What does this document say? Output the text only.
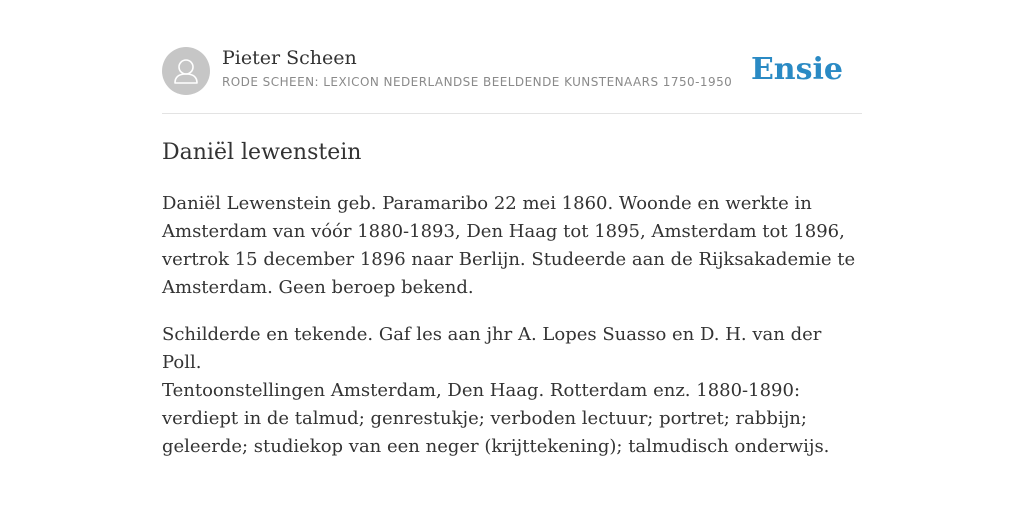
Pieter Scheen
RODE SCHEEN: LEXICON NEDERLANDSE BEELDENDE KUNSTENAARS 1750-1950 Ensie
Daniël lewenstein

Daniël Lewenstein geb. Paramaribo 22 mei 1860. Woonde en werkte in Amsterdam van vóór 1880-1893, Den Haag tot 1895, Amsterdam tot 1896, vertrok 15 december 1896 naar Berlijn. Studeerde aan de Rijksakademie te Amsterdam. Geen beroep bekend.

Schilderde en tekende. Gaf les aan jhr A. Lopes Suasso en D. H. van der Poll.

Tentoonstellingen Amsterdam, Den Haag. Rotterdam enz. 1880-1890: verdiept in de talmud; genrestukje; verboden lectuur; portret; rabbijn; geleerde; studiekop van een neger (krijttekening); talmudisch onderwijs.
